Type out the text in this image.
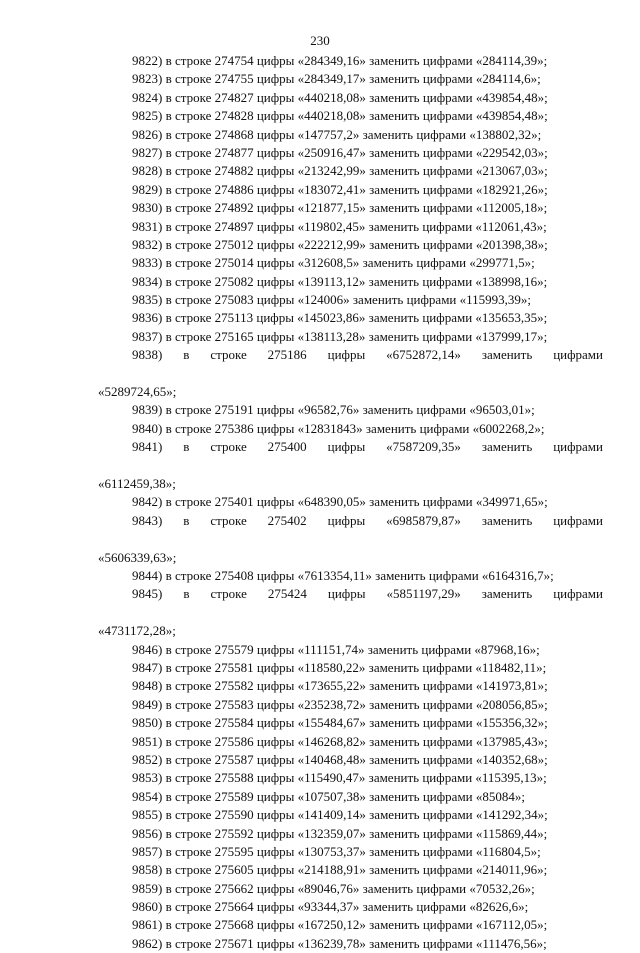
230
9822) в строке 274754 цифры «284349,16» заменить цифрами «284114,39»;
9823) в строке 274755 цифры «284349,17» заменить цифрами «284114,6»;
9824) в строке 274827 цифры «440218,08» заменить цифрами «439854,48»;
9825) в строке 274828 цифры «440218,08» заменить цифрами «439854,48»;
9826) в строке 274868 цифры «147757,2» заменить цифрами «138802,32»;
9827) в строке 274877 цифры «250916,47» заменить цифрами «229542,03»;
9828) в строке 274882 цифры «213242,99» заменить цифрами «213067,03»;
9829) в строке 274886 цифры «183072,41» заменить цифрами «182921,26»;
9830) в строке 274892 цифры «121877,15» заменить цифрами «112005,18»;
9831) в строке 274897 цифры «119802,45» заменить цифрами «112061,43»;
9832) в строке 275012 цифры «222212,99» заменить цифрами «201398,38»;
9833) в строке 275014 цифры «312608,5» заменить цифрами «299771,5»;
9834) в строке 275082 цифры «139113,12» заменить цифрами «138998,16»;
9835) в строке 275083 цифры «124006» заменить цифрами «115993,39»;
9836) в строке 275113 цифры «145023,86» заменить цифрами «135653,35»;
9837) в строке 275165 цифры «138113,28» заменить цифрами «137999,17»;
9838) в строке 275186 цифры «6752872,14» заменить цифрами
«5289724,65»;
9839) в строке 275191 цифры «96582,76» заменить цифрами «96503,01»;
9840) в строке 275386 цифры «12831843» заменить цифрами «6002268,2»;
9841) в строке 275400 цифры «7587209,35» заменить цифрами
«6112459,38»;
9842) в строке 275401 цифры «648390,05» заменить цифрами «349971,65»;
9843) в строке 275402 цифры «6985879,87» заменить цифрами
«5606339,63»;
9844) в строке 275408 цифры «7613354,11» заменить цифрами «6164316,7»;
9845) в строке 275424 цифры «5851197,29» заменить цифрами
«4731172,28»;
9846) в строке 275579 цифры «111151,74» заменить цифрами «87968,16»;
9847) в строке 275581 цифры «118580,22» заменить цифрами «118482,11»;
9848) в строке 275582 цифры «173655,22» заменить цифрами «141973,81»;
9849) в строке 275583 цифры «235238,72» заменить цифрами «208056,85»;
9850) в строке 275584 цифры «155484,67» заменить цифрами «155356,32»;
9851) в строке 275586 цифры «146268,82» заменить цифрами «137985,43»;
9852) в строке 275587 цифры «140468,48» заменить цифрами «140352,68»;
9853) в строке 275588 цифры «115490,47» заменить цифрами «115395,13»;
9854) в строке 275589 цифры «107507,38» заменить цифрами «85084»;
9855) в строке 275590 цифры «141409,14» заменить цифрами «141292,34»;
9856) в строке 275592 цифры «132359,07» заменить цифрами «115869,44»;
9857) в строке 275595 цифры «130753,37» заменить цифрами «116804,5»;
9858) в строке 275605 цифры «214188,91» заменить цифрами «214011,96»;
9859) в строке 275662 цифры «89046,76» заменить цифрами «70532,26»;
9860) в строке 275664 цифры «93344,37» заменить цифрами «82626,6»;
9861) в строке 275668 цифры «167250,12» заменить цифрами «167112,05»;
9862) в строке 275671 цифры «136239,78» заменить цифрами «111476,56»;
